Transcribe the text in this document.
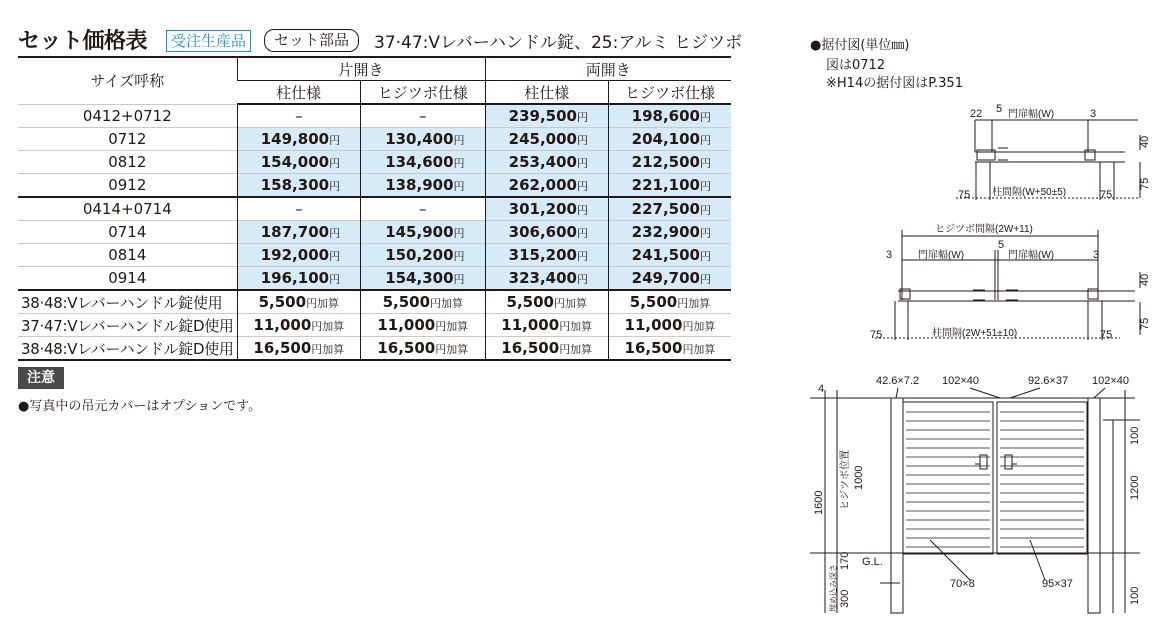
セット価格表	受注生産品	セット部品	37·47:Vレバーハンドル錠、25:アルミ ヒジツボ
サイズ呼称	片開き		両開き	
	柱仕様	ヒジツボ仕様	柱仕様	ヒジツボ仕様
0412+0712	–	–	239,500円	198,600円
0712	149,800円	130,400円	245,000円	204,100円
0812	154,000円	134,600円	253,400円	212,500円
0912	158,300円	138,900円	262,000円	221,100円
0414+0714	–	–	301,200円	227,500円
0714	187,700円	145,900円	306,600円	232,900円
0814	192,000円	150,200円	315,200円	241,500円
0914	196,100円	154,300円	323,400円	249,700円
38·48:Vレバーハンドル錠使用	5,500円加算	5,500円加算	5,500円加算	5,500円加算
37·47:Vレバーハンドル錠D使用	11,000円加算	11,000円加算	11,000円加算	11,000円加算
38·48:Vレバーハンドル錠D使用	16,500円加算	16,500円加算	16,500円加算	16,500円加算
注意
●写真中の吊元カバーはオプションです。
●据付図(単位㎜)
図は0712
※H14の据付図はP.351
22 5 門扉幅(W)	3
40
75
75 柱間隔(W+50±5)	75
ヒジツボ間隔(2W+11)
5
3	門扉幅(W)	門扉幅(W)	3
40
75
75	柱間隔(2W+51±10)	75
42.6×7.2 102×40	92.6×37 102×40
4
100
1200
1600 ヒジツボ位置 1000
170 G.L.
300
埋め込み深さ	100
70×8	95×37
